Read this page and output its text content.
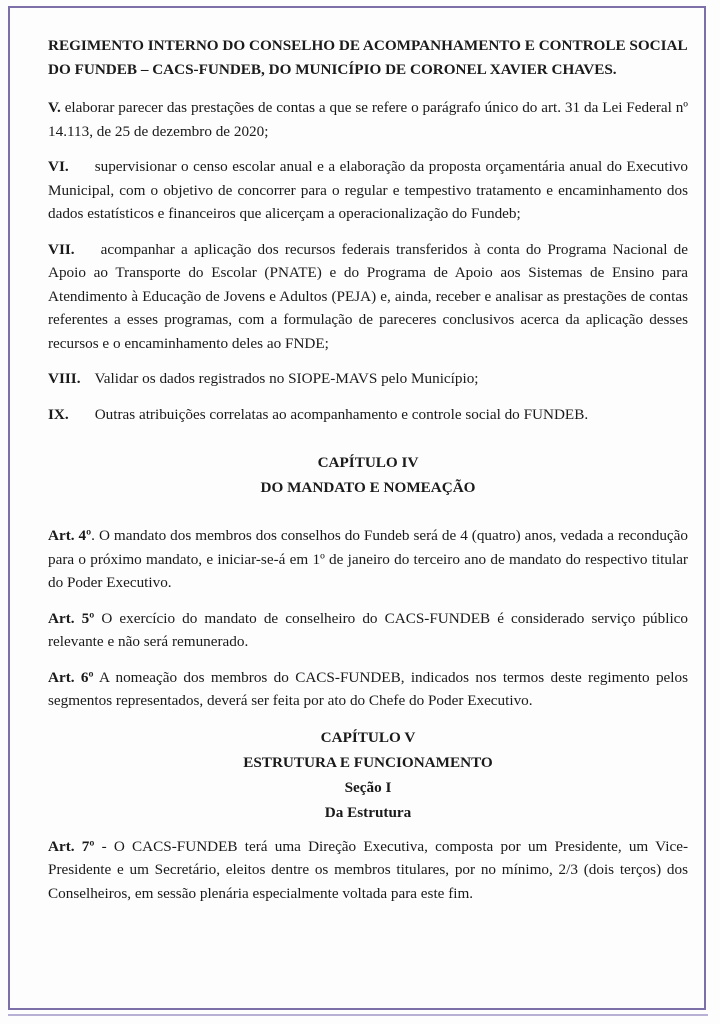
REGIMENTO INTERNO DO CONSELHO DE ACOMPANHAMENTO E CONTROLE SOCIAL
DO FUNDEB – CACS-FUNDEB, DO MUNICÍPIO DE CORONEL XAVIER CHAVES.

V. elaborar parecer das prestações de contas a que se refere o parágrafo único do art. 31 da Lei Federal nº 14.113, de 25 de dezembro de 2020;

VI. supervisionar o censo escolar anual e a elaboração da proposta orçamentária anual do Executivo Municipal, com o objetivo de concorrer para o regular e tempestivo tratamento e encaminhamento dos dados estatísticos e financeiros que alicerçam a operacionalização do Fundeb;

VII. acompanhar a aplicação dos recursos federais transferidos à conta do Programa Nacional de Apoio ao Transporte do Escolar (PNATE) e do Programa de Apoio aos Sistemas de Ensino para Atendimento à Educação de Jovens e Adultos (PEJA) e, ainda, receber e analisar as prestações de contas referentes a esses programas, com a formulação de pareceres conclusivos acerca da aplicação desses recursos e o encaminhamento deles ao FNDE;

VIII. Validar os dados registrados no SIOPE-MAVS pelo Município;

IX. Outras atribuições correlatas ao acompanhamento e controle social do FUNDEB.

CAPÍTULO IV
DO MANDATO E NOMEAÇÃO

Art. 4º. O mandato dos membros dos conselhos do Fundeb será de 4 (quatro) anos, vedada a recondução para o próximo mandato, e iniciar-se-á em 1º de janeiro do terceiro ano de mandato do respectivo titular do Poder Executivo.

Art. 5º O exercício do mandato de conselheiro do CACS-FUNDEB é considerado serviço público relevante e não será remunerado.

Art. 6º A nomeação dos membros do CACS-FUNDEB, indicados nos termos deste regimento pelos segmentos representados, deverá ser feita por ato do Chefe do Poder Executivo.

CAPÍTULO V
ESTRUTURA E FUNCIONAMENTO
Seção I
Da Estrutura

Art. 7º - O CACS-FUNDEB terá uma Direção Executiva, composta por um Presidente, um Vice-Presidente e um Secretário, eleitos dentre os membros titulares, por no mínimo, 2/3 (dois terços) dos Conselheiros, em sessão plenária especialmente voltada para este fim.
